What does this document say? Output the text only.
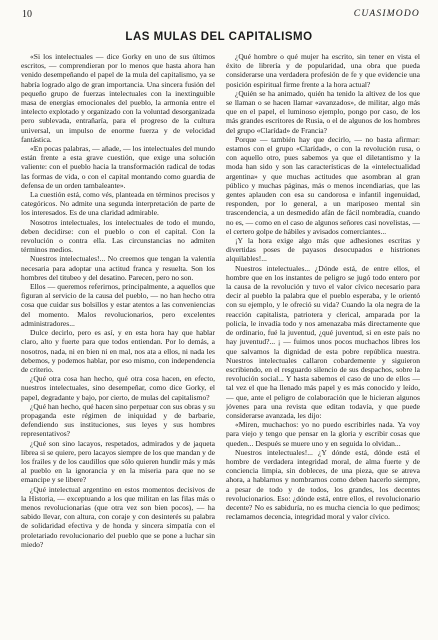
10	CUASIMODO
LAS MULAS DEL CAPITALISMO

«Si los intelectuales — dice Gorky en uno de sus últimos escritos, — comprendieran por lo menos que hasta ahora han venido desempeñando el papel de la mula del capitalismo, ya se habría logrado algo de gran importancia. Una sincera fusión del pequeño grupo de fuerzas intelectuales con la inextinguible masa de energías emocionales del pueblo, la armonía entre el intelecto explotado y organizado con la voluntad desorganizada pero sublevada, entrañaría, para el progreso de la cultura universal, un impulso de enorme fuerza y de velocidad fantástica.

«En pocas palabras, — añade, — los intelectuales del mundo están frente a esta grave cuestión, que exige una solución valiente: con el pueblo hacia la transformación radical de todas las formas de vida, o con el capital montando como guardia de defensa de un orden tambaleante».

La cuestión está, como vés, planteada en términos precisos y categóricos. No admite una segunda interpretación de parte de los interesados. Es de una claridad admirable.

Nosotros intelectuales, los intelectuales de todo el mundo, deben decidirse: con el pueblo o con el capital. Con la revolución o contra ella. Las circunstancias no admiten términos medios.

Nuestros intelectuales!... No creemos que tengan la valentía necesaria para adoptar una actitud franca y resuelta. Son los hombres del titubeo y del desatino. Parecen, pero no son.

Ellos — queremos referirnos, principalmente, a aquellos que figuran al servicio de la causa del pueblo, — no han hecho otra cosa que cuidar sus bolsillos y estar atentos a las conveniencias del momento. Malos revolucionarios, pero excelentes administradores...

Dulce decirlo, pero es así, y en esta hora hay que hablar claro, alto y fuerte para que todos entiendan. Por lo demás, a nosotros, nada, ni en bien ni en mal, nos ata a ellos, ni nada les debemos, y podemos hablar, por eso mismo, con independencia de criterio.

¿Qué otra cosa han hecho, qué otra cosa hacen, en efecto, nuestros intelectuales, sino desempeñar, como dice Gorky, el papel, degradante y bajo, por cierto, de mulas del capitalismo?

¿Qué han hecho, qué hacen sino perpetuar con sus obras y su propaganda este régimen de iniquidad y de barbarie, defendiendo sus instituciones, sus leyes y sus hombres representativos?

¿Qué son sino lacayos, respetados, admirados y de jaqueta librea si se quiere, pero lacayos siempre de los que mandan y de los frailes y de los caudillos que sólo quieren hundir más y más al pueblo en la ignorancia y en la miseria para que no se emancipe y se libere?

¿Qué intelectual argentino en estos momentos decisivos de la Historia, — exceptuando a los que militan en las filas más o menos revolucionarias (que otra vez son bien pocos), — ha sabido llevar, con altura, con coraje y con desinterés su palabra de solidaridad efectiva y de honda y sincera simpatía con el proletariado revolucionario del pueblo que se pone a luchar sin miedo?

¿Qué hombre o qué mujer ha escrito, sin tener en vista el éxito de librería y de popularidad, una obra que pueda considerarse una verdadera profesión de fe y que evidencie una posición espiritual firme frente a la hora actual?

¿Quién se ha animado, quién ha tenido la altivez de los que se llaman o se hacen llamar «avanzados», de militar, algo más que en el papel, el luminoso ejemplo, pongo por caso, de los más grandes escritores de Rusia, o el de algunos de los hombres del grupo «Clarídad» de Francia?

Porque — también hay que decirlo, — no basta afirmar: estamos con el grupo «Clarídad», o con la revolución rusa, o con aquello otro, pues sabemos ya que el diletantismo y la moda han sido y son las características de la «intelectualidad argentina» y que muchas actitudes que asombran al gran público y muchas páginas, más o menos incendiarias, que las gentes aplauden con esa su candorosa e infantil ingenuidad, responden, por lo general, a un mariposeo mental sin trascendencia, a un desmedido afán de fácil nombradía, cuando no es, — como en el caso de algunos señores casi novelistas, — el certero golpe de hábiles y avisados comerciantes...

¡Y la hora exige algo más que adhesiones escritas y divertidas poses de payasos desocupados e histriones alquilables!...

Nuestros intelectuales... ¿Dónde está, de entre ellos, el hombre que en los instantes de peligro se jugó todo entero por la causa de la revolución y tuvo el valor cívico necesario para decir al pueblo la palabra que el pueblo esperaba, y le orientó con su ejemplo, y le ofreció su vida? Cuando la ola negra de la reacción capitalista, patriotera y clerical, amparada por la policía, le invadía todo y nos amenazaba más directamente que de ordinario, fué la juventud, ¿qué juventud, si en este país no hay juventud?... ¡ — fuimos unos pocos muchachos libres los que salvamos la dignidad de esta pobre república nuestra. Nuestros intelectuales callaron cobardemente y siguieron escribiendo, en el resguardo silencio de sus despachos, sobre la revolución social... Y hasta sabemos el caso de uno de ellos — tal vez el que ha llenado más papel y es más conocido y leído, — que, ante el peligro de colaboración que le hicieran algunos jóvenes para una revista que editan todavía, y que puede considerarse avanzada, les dijo:

«Miren, muchachos: yo no puedo escribirles nada. Ya voy para viejo y tengo que pensar en la gloria y escribir cosas que queden... Después se muere uno y en seguida lo olvidan...

Nuestros intelectuales!... ¿Y dónde está, dónde está el hombre de verdadera integridad moral, de alma fuerte y de conciencia limpia, sin dobleces, de una pieza, que se atreva ahora, a hablarnos y nombrarnos como deben hacerlo siempre, a pesar de todo y de todos, los grandes, los decentes revolucionarios. Eso: ¿dónde está, entre ellos, el revolucionario decente? No es sabiduría, no es mucha ciencia lo que pedimos; reclamamos decencia, integridad moral y valor cívico.
